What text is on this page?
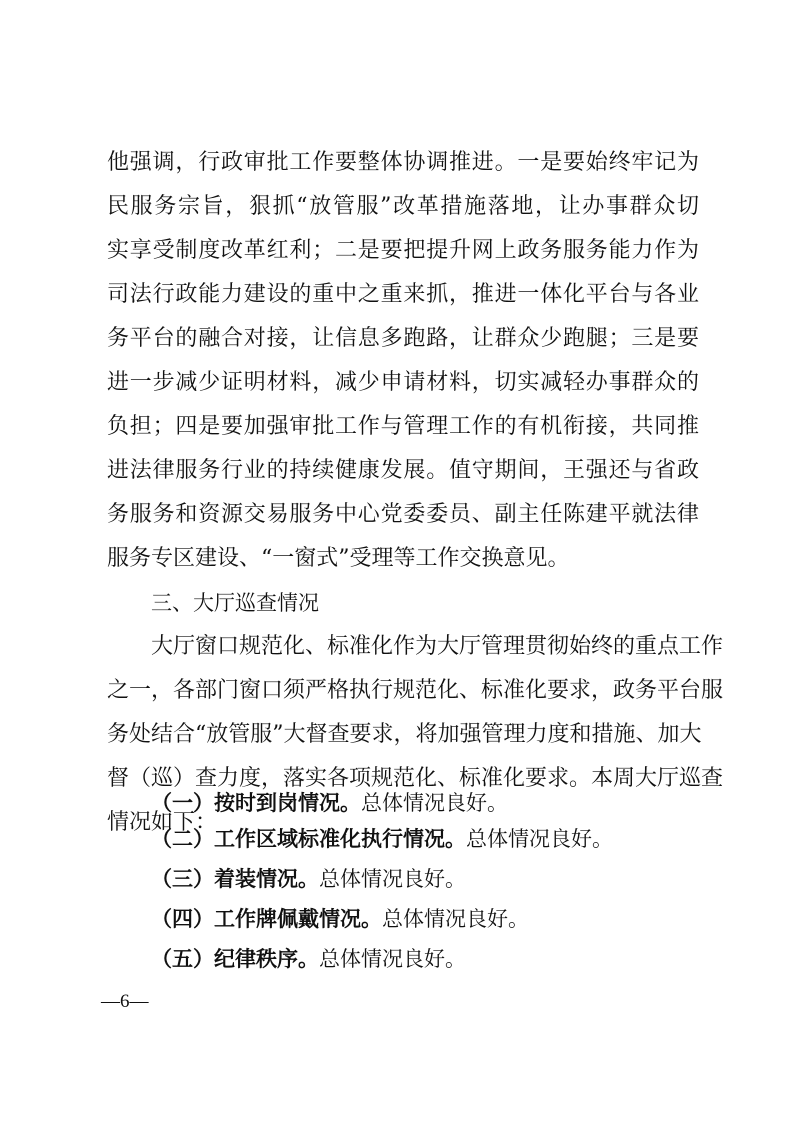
他强调，行政审批工作要整体协调推进。一是要始终牢记为
民服务宗旨，狠抓“放管服”改革措施落地，让办事群众切
实享受制度改革红利；二是要把提升网上政务服务能力作为
司法行政能力建设的重中之重来抓，推进一体化平台与各业
务平台的融合对接，让信息多跑路，让群众少跑腿；三是要
进一步减少证明材料，减少申请材料，切实减轻办事群众的
负担；四是要加强审批工作与管理工作的有机衔接，共同推
进法律服务行业的持续健康发展。值守期间，王强还与省政
务服务和资源交易服务中心党委委员、副主任陈建平就法律
服务专区建设、“一窗式”受理等工作交换意见。
三、大厅巡查情况
大厅窗口规范化、标准化作为大厅管理贯彻始终的重点工作
之一，各部门窗口须严格执行规范化、标准化要求，政务平台服
务处结合“放管服”大督查要求，将加强管理力度和措施、加大
督（巡）查力度，落实各项规范化、标准化要求。本周大厅巡查
情况如下：
（一）按时到岗情况。总体情况良好。
（二）工作区域标准化执行情况。总体情况良好。
（三）着装情况。总体情况良好。
（四）工作牌佩戴情况。总体情况良好。
（五）纪律秩序。总体情况良好。
—6—
